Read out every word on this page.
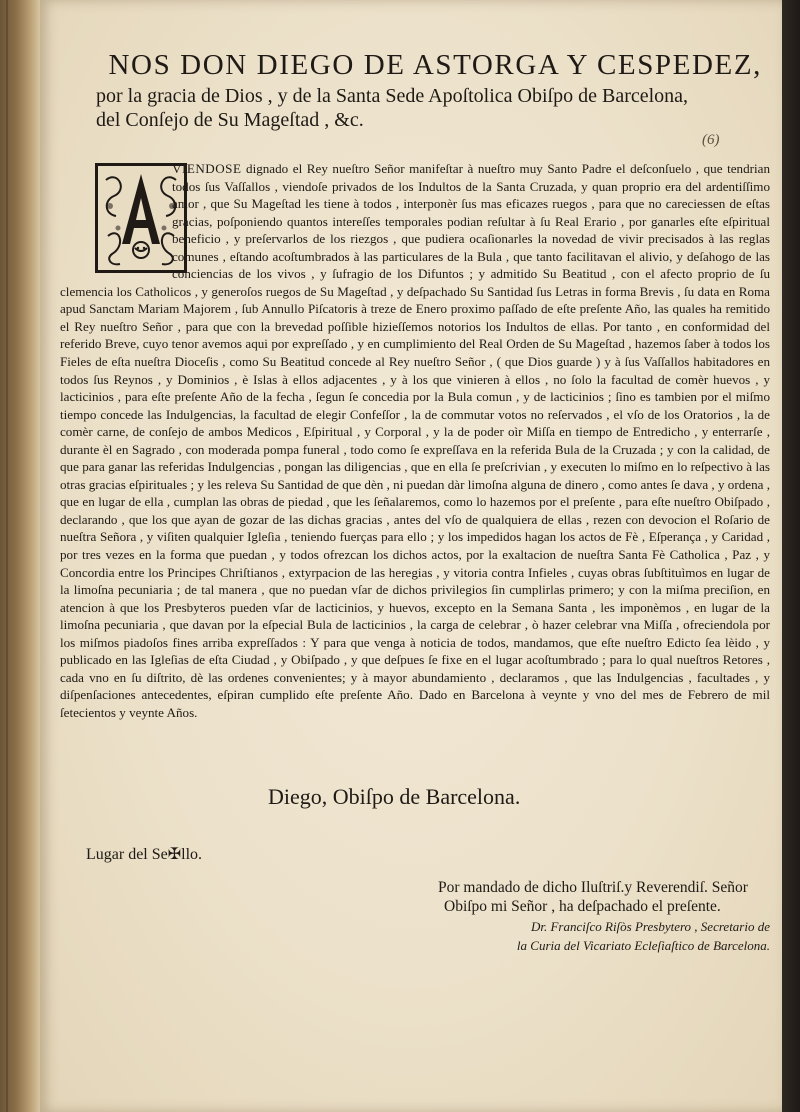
NOS DON DIEGO DE ASTORGA Y CESPEDEZ,

por la gracia de Dios , y de la Santa Sede Apoſtolica Obiſpo de Barcelona,
del Conſejo de Su Mageſtad , &c.
(6)
VIENDOSE dignado el Rey nueſtro Señor manifeſtar à nueſtro muy Santo Padre el deſconſuelo , que tendrian todos ſus Vaſſallos , viendoſe privados de los Indultos de la Santa Cruzada, y quan proprio era del ardentiſſimo amor , que Su Mageſtad les tiene à todos , interponèr ſus mas eficazes ruegos , para que no careciessen de eſtas gracias, poſponiendo quantos intereſſes temporales podian reſultar à ſu Real Erario , por ganarles eſte eſpiritual beneficio , y preſervarlos de los riezgos , que pudiera ocaſionarles la novedad de vivir precisados à las reglas comunes , eſtando acoſtumbrados à las particulares de la Bula , que tanto facilitavan el alivio, y deſahogo de las conciencias de los vivos , y ſufragio de los Difuntos ; y admitido Su Beatitud , con el afecto proprio de ſu clemencia los Catholicos , y generoſos ruegos de Su Mageſtad , y deſpachado Su Santidad ſus Letras in forma Brevis , ſu data en Roma apud Sanctam Mariam Majorem , ſub Annullo Piſcatoris à treze de Enero proximo paſſado de eſte preſente Año, las quales ha remitido el Rey nueſtro Señor , para que con la brevedad poſſible hizieſſemos notorios los Indultos de ellas. Por tanto , en conformidad del referido Breve, cuyo tenor avemos aqui por expreſſado , y en cumplimiento del Real Orden de Su Mageſtad , hazemos ſaber à todos los Fieles de eſta nueſtra Dioceſis , como Su Beatitud concede al Rey nueſtro Señor , ( que Dios guarde ) y à ſus Vaſſallos habitadores en todos ſus Reynos , y Dominios , è Islas à ellos adjacentes , y à los que vinieren à ellos , no ſolo la facultad de comèr huevos , y lacticinios , para eſte preſente Año de la fecha , ſegun ſe concedia por la Bula comun , y de lacticinios ; ſino es tambien por el miſmo tiempo concede las Indulgencias, la facultad de elegir Confeſſor , la de commutar votos no reſervados , el vſo de los Oratorios , la de comèr carne, de conſejo de ambos Medicos , Eſpiritual , y Corporal , y la de poder oìr Miſſa en tiempo de Entredicho , y enterrarſe , durante èl en Sagrado , con moderada pompa funeral , todo como ſe expreſſava en la referida Bula de la Cruzada ; y con la calidad, de que para ganar las referidas Indulgencias , pongan las diligencias , que en ella ſe preſcrivian , y executen lo miſmo en lo reſpectivo à las otras gracias eſpirituales ; y les releva Su Santidad de que dèn , ni puedan dàr limoſna alguna de dinero , como antes ſe dava , y ordena , que en lugar de ella , cumplan las obras de piedad , que les ſeñalaremos, como lo hazemos por el preſente , para eſte nueſtro Obiſpado , declarando , que los que ayan de gozar de las dichas gracias , antes del vſo de qualquiera de ellas , rezen con devocion el Roſario de nueſtra Señora , y viſiten qualquier Igleſia , teniendo fuerças para ello ; y los impedidos hagan los actos de Fè , Eſperança , y Caridad , por tres vezes en la forma que puedan , y todos ofrezcan los dichos actos, por la exaltacion de nueſtra Santa Fè Catholica , Paz , y Concordia entre los Principes Chriſtianos , extyrpacion de las heregias , y vitoria contra Infieles , cuyas obras ſubſtituìmos en lugar de la limoſna pecuniaria ; de tal manera , que no puedan vſar de dichos privilegios ſin cumplirlas primero; y con la miſma preciſion, en atencion à que los Presbyteros pueden vſar de lacticinios, y huevos, excepto en la Semana Santa , les imponèmos , en lugar de la limoſna pecuniaria , que davan por la eſpecial Bula de lacticinios , la carga de celebrar , ò hazer celebrar vna Miſſa , ofreciendola por los miſmos piadoſos fines arriba expreſſados : Y para que venga à noticia de todos, mandamos, que eſte nueſtro Edicto ſea lèido , y publicado en las Igleſias de eſta Ciudad , y Obiſpado , y que deſpues ſe fixe en el lugar acoſtumbrado ; para lo qual nueſtros Retores , cada vno en ſu diſtrito, dè las ordenes convenientes; y à mayor abundamiento , declaramos , que las Indulgencias , facultades , y diſpenſaciones antecedentes, eſpiran cumplido eſte preſente Año. Dado en Barcelona à veynte y vno del mes de Febrero de mil ſetecientos y veynte Años.
Diego, Obiſpo de Barcelona.
Lugar del Se✠llo.
Por mandado de dicho Iluſtriſ.y Reverendiſ. Señor
Obiſpo mi Señor , ha deſpachado el preſente.
Dr. Franciſco Riſòs Presbytero , Secretario de
la Curia del Vicariato Ecleſiaſtico de Barcelona.
